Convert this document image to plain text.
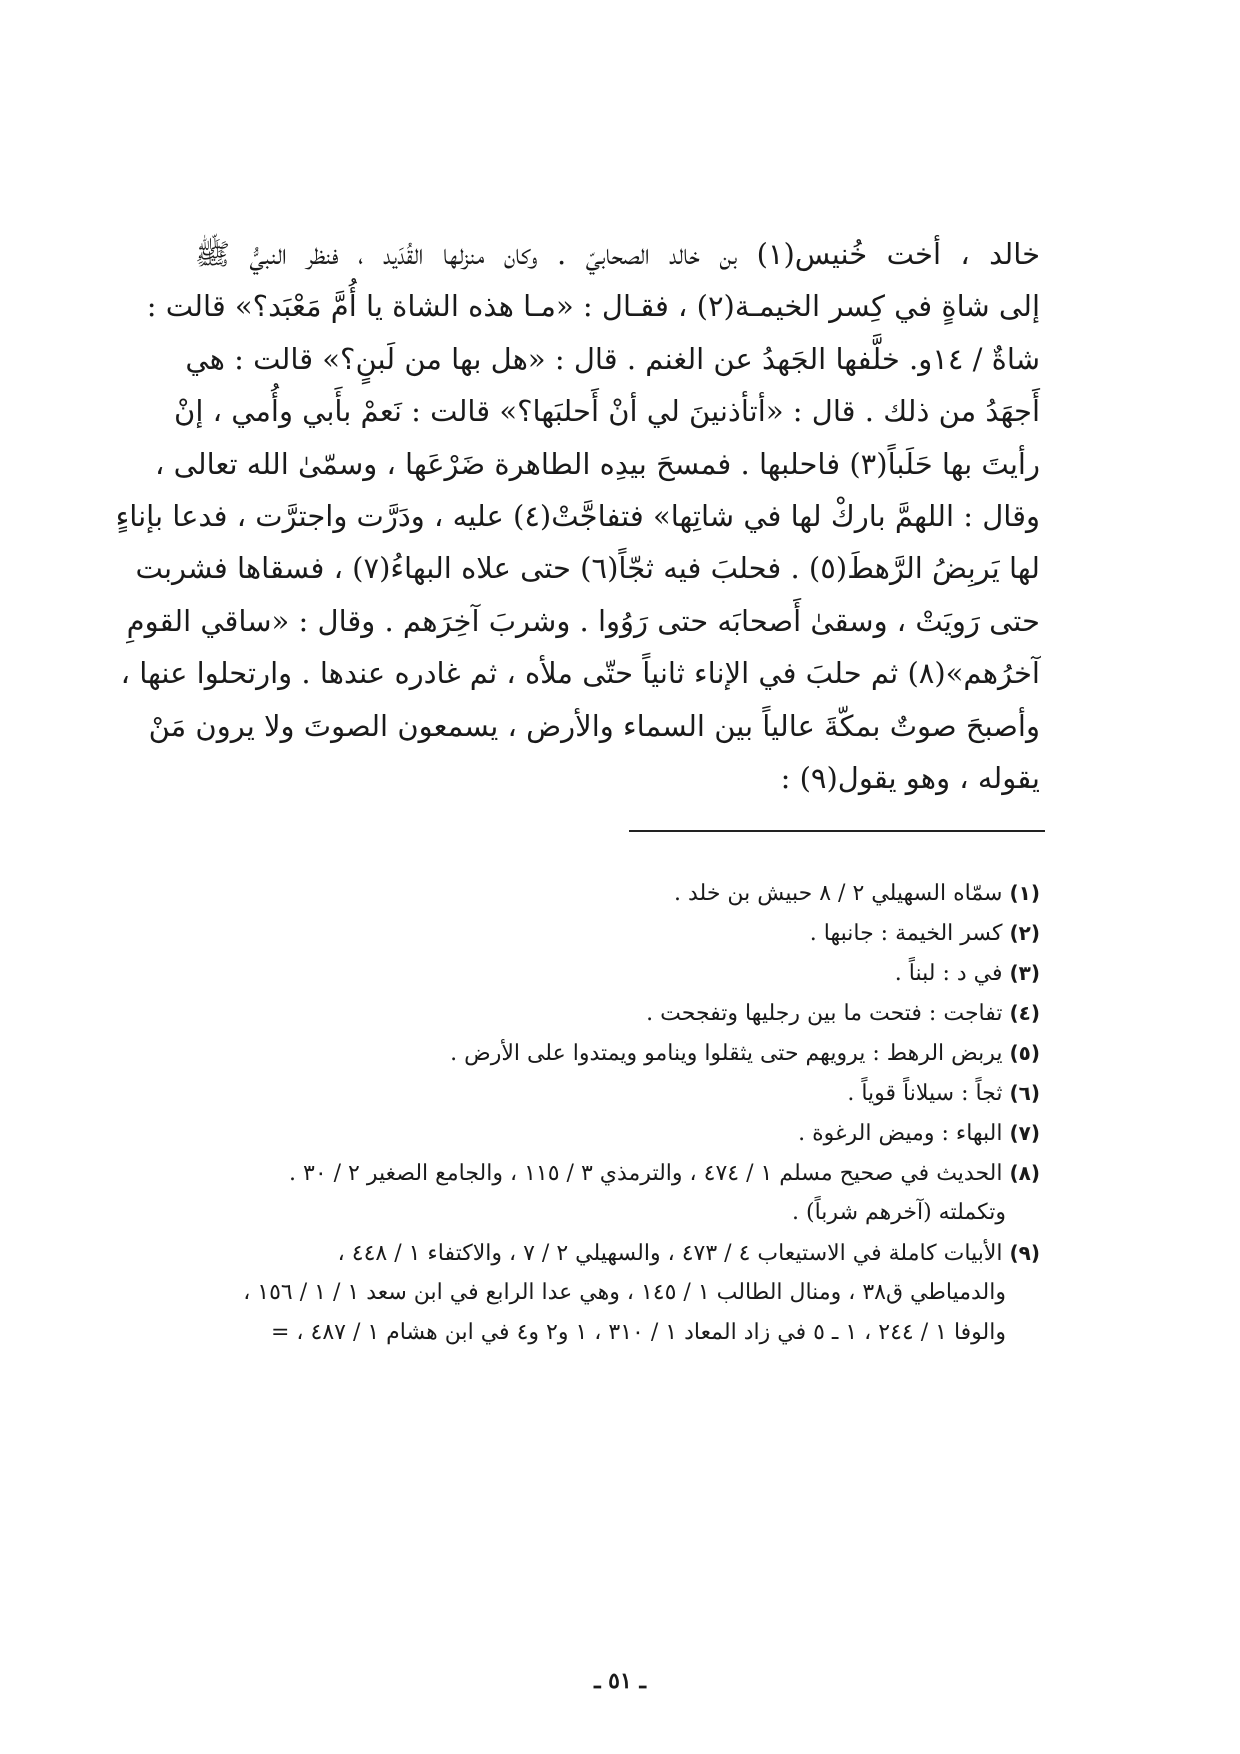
خالد ، أخت خُنيس(١) بن خالد الصحابيّ . وكان منزلها القُدَيد ، فنظر النبيُّ ﷺ
إلى شاةٍ في كِسر الخيمـة(٢) ، فقـال : «مـا هذه الشاة يا أُمَّ مَعْبَد؟» قالت :
شاةٌ / ١٤و. خلَّفها الجَهدُ عن الغنم . قال : «هل بها من لَبنٍ؟» قالت : هي
أَجهَدُ من ذلك . قال : «أتأذنينَ لي أنْ أَحلبَها؟» قالت : نَعمْ بأَبي وأُمي ، إنْ
رأيتَ بها حَلَباً(٣) فاحلبها . فمسحَ بيدِه الطاهرة ضَرْعَها ، وسمّىٰ الله تعالى ،
وقال : اللهمَّ باركْ لها في شاتِها» فتفاجَّتْ(٤) عليه ، ودَرَّت واجترَّت ، فدعا بإناءٍ
لها يَربِضُ الرَّهطَ(٥) . فحلبَ فيه ثجّاً(٦) حتى علاه البهاءُ(٧) ، فسقاها فشربت
حتى رَويَتْ ، وسقىٰ أَصحابَه حتى رَوُوا . وشربَ آخِرَهم . وقال : «ساقي القومِ
آخرُهم»(٨) ثم حلبَ في الإناء ثانياً حتّى ملأه ، ثم غادره عندها . وارتحلوا عنها ،
وأصبحَ صوتٌ بمكّةَ عالياً بين السماء والأرض ، يسمعون الصوتَ ولا يرون مَنْ
يقوله ، وهو يقول(٩) :
(١) سمّاه السهيلي ٢ / ٨ حبيش بن خلد .
(٢) كسر الخيمة : جانبها .
(٣) في د : لبناً .
(٤) تفاجت : فتحت ما بين رجليها وتفجحت .
(٥) يربض الرهط : يرويهم حتى يثقلوا وينامو ويمتدوا على الأرض .
(٦) ثجاً : سيلاناً قوياً .
(٧) البهاء : وميض الرغوة .
(٨) الحديث في صحيح مسلم ١ / ٤٧٤ ، والترمذي ٣ / ١١٥ ، والجامع الصغير ٢ / ٣٠ .
وتكملته (آخرهم شرباً) .
(٩) الأبيات كاملة في الاستيعاب ٤ / ٤٧٣ ، والسهيلي ٢ / ٧ ، والاكتفاء ١ / ٤٤٨ ،
والدمياطي ق٣٨ ، ومنال الطالب ١ / ١٤٥ ، وهي عدا الرابع في ابن سعد ١ / ١ / ١٥٦ ،
والوفا ١ / ٢٤٤ ، ١ ـ ٥ في زاد المعاد ١ / ٣١٠ ، ١ و٢ و٤ في ابن هشام ١ / ٤٨٧ ، =
ـ ٥١ ـ
